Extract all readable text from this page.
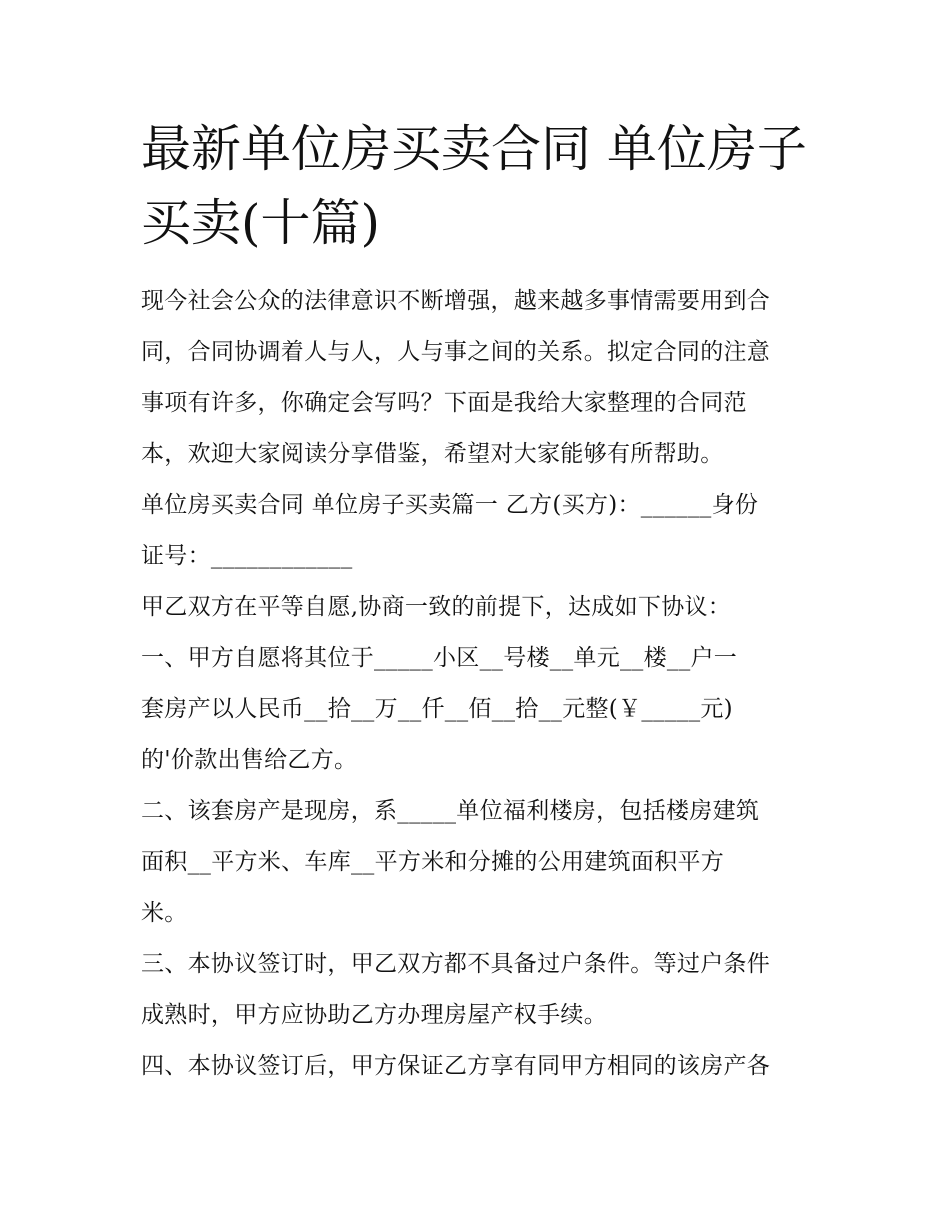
最新单位房买卖合同 单位房子
买卖(十篇)
现今社会公众的法律意识不断增强，越来越多事情需要用到合
同，合同协调着人与人，人与事之间的关系。拟定合同的注意
事项有许多，你确定会写吗？下面是我给大家整理的合同范
本，欢迎大家阅读分享借鉴，希望对大家能够有所帮助。
单位房买卖合同 单位房子买卖篇一 乙方(买方)：______身份
证号：____________
甲乙双方在平等自愿,协商一致的前提下，达成如下协议：
一、甲方自愿将其位于_____小区__号楼__单元__楼__户一
套房产以人民币__拾__万__仟__佰__拾__元整(￥_____元)
的'价款出售给乙方。
二、该套房产是现房，系_____单位福利楼房，包括楼房建筑
面积__平方米、车库__平方米和分摊的公用建筑面积平方
米。
三、本协议签订时，甲乙双方都不具备过户条件。等过户条件
成熟时，甲方应协助乙方办理房屋产权手续。
四、本协议签订后，甲方保证乙方享有同甲方相同的该房产各
